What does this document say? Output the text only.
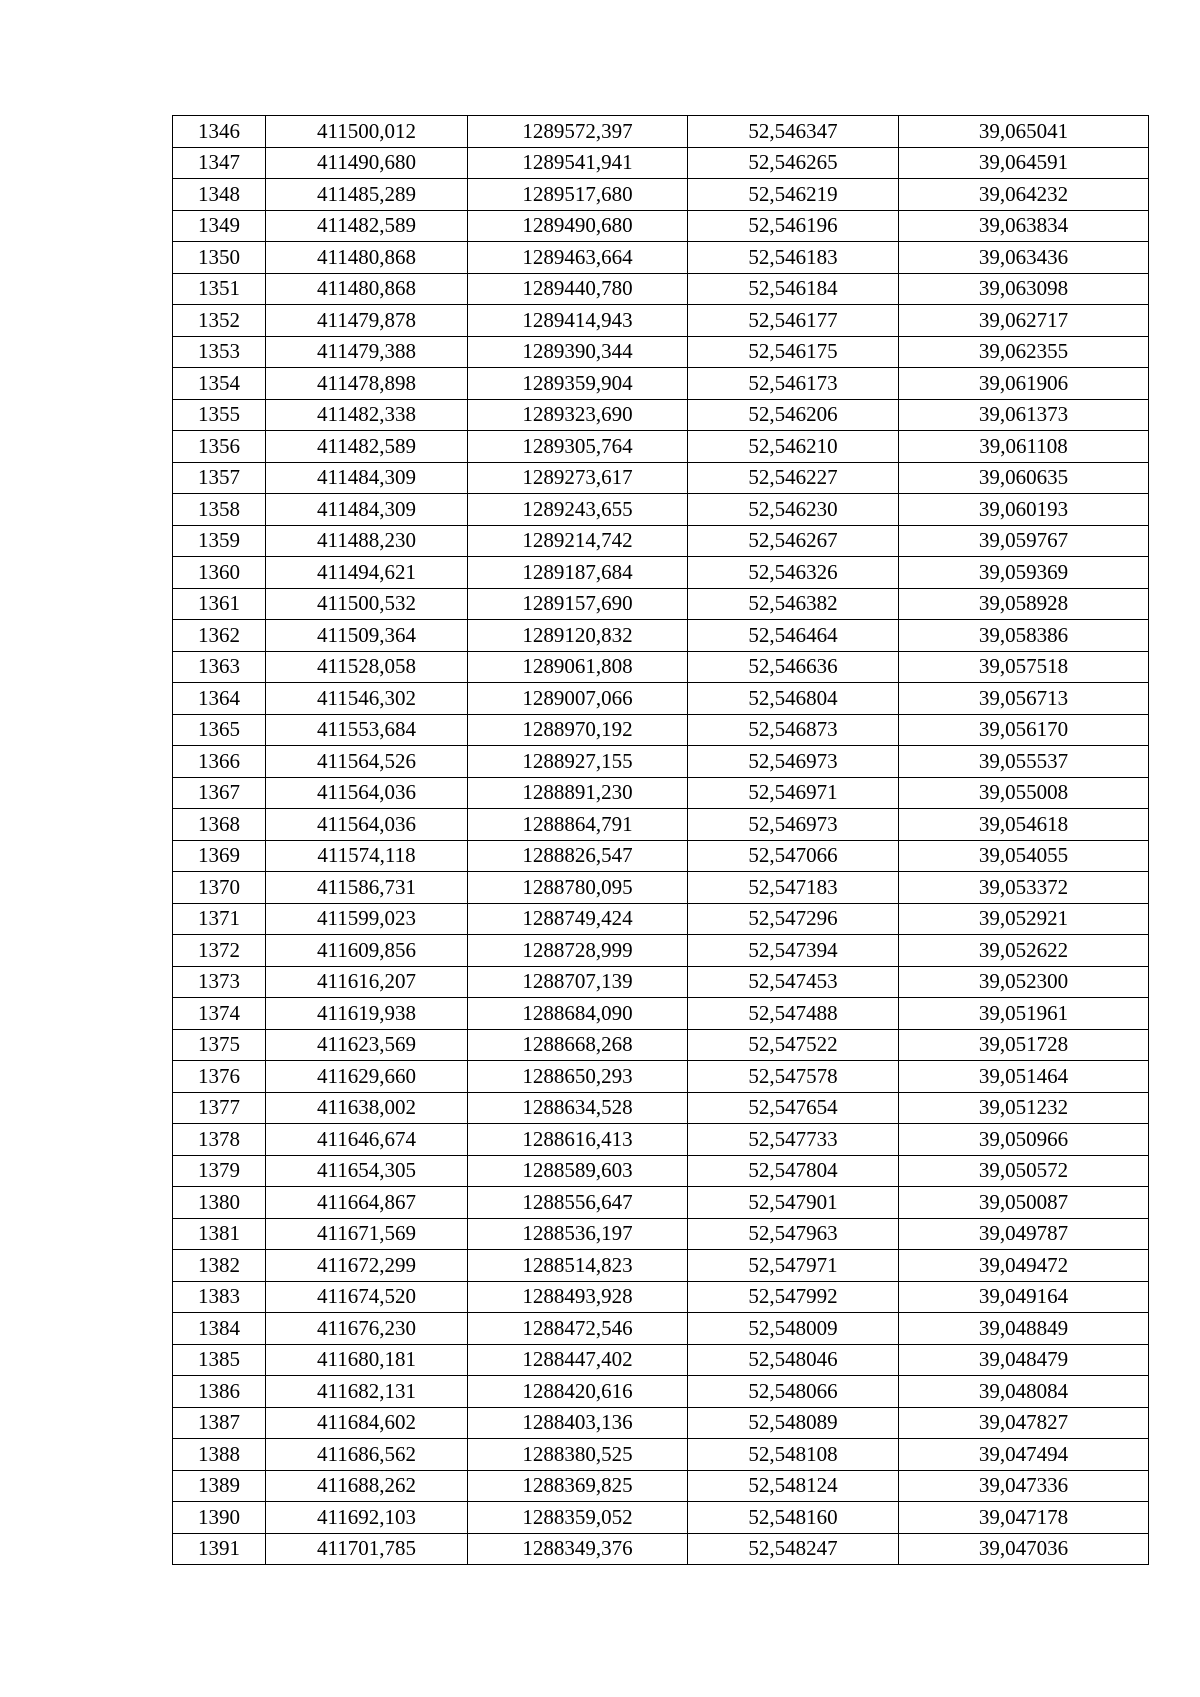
1346	411500,012	1289572,397	52,546347	39,065041
1347	411490,680	1289541,941	52,546265	39,064591
1348	411485,289	1289517,680	52,546219	39,064232
1349	411482,589	1289490,680	52,546196	39,063834
1350	411480,868	1289463,664	52,546183	39,063436
1351	411480,868	1289440,780	52,546184	39,063098
1352	411479,878	1289414,943	52,546177	39,062717
1353	411479,388	1289390,344	52,546175	39,062355
1354	411478,898	1289359,904	52,546173	39,061906
1355	411482,338	1289323,690	52,546206	39,061373
1356	411482,589	1289305,764	52,546210	39,061108
1357	411484,309	1289273,617	52,546227	39,060635
1358	411484,309	1289243,655	52,546230	39,060193
1359	411488,230	1289214,742	52,546267	39,059767
1360	411494,621	1289187,684	52,546326	39,059369
1361	411500,532	1289157,690	52,546382	39,058928
1362	411509,364	1289120,832	52,546464	39,058386
1363	411528,058	1289061,808	52,546636	39,057518
1364	411546,302	1289007,066	52,546804	39,056713
1365	411553,684	1288970,192	52,546873	39,056170
1366	411564,526	1288927,155	52,546973	39,055537
1367	411564,036	1288891,230	52,546971	39,055008
1368	411564,036	1288864,791	52,546973	39,054618
1369	411574,118	1288826,547	52,547066	39,054055
1370	411586,731	1288780,095	52,547183	39,053372
1371	411599,023	1288749,424	52,547296	39,052921
1372	411609,856	1288728,999	52,547394	39,052622
1373	411616,207	1288707,139	52,547453	39,052300
1374	411619,938	1288684,090	52,547488	39,051961
1375	411623,569	1288668,268	52,547522	39,051728
1376	411629,660	1288650,293	52,547578	39,051464
1377	411638,002	1288634,528	52,547654	39,051232
1378	411646,674	1288616,413	52,547733	39,050966
1379	411654,305	1288589,603	52,547804	39,050572
1380	411664,867	1288556,647	52,547901	39,050087
1381	411671,569	1288536,197	52,547963	39,049787
1382	411672,299	1288514,823	52,547971	39,049472
1383	411674,520	1288493,928	52,547992	39,049164
1384	411676,230	1288472,546	52,548009	39,048849
1385	411680,181	1288447,402	52,548046	39,048479
1386	411682,131	1288420,616	52,548066	39,048084
1387	411684,602	1288403,136	52,548089	39,047827
1388	411686,562	1288380,525	52,548108	39,047494
1389	411688,262	1288369,825	52,548124	39,047336
1390	411692,103	1288359,052	52,548160	39,047178
1391	411701,785	1288349,376	52,548247	39,047036
